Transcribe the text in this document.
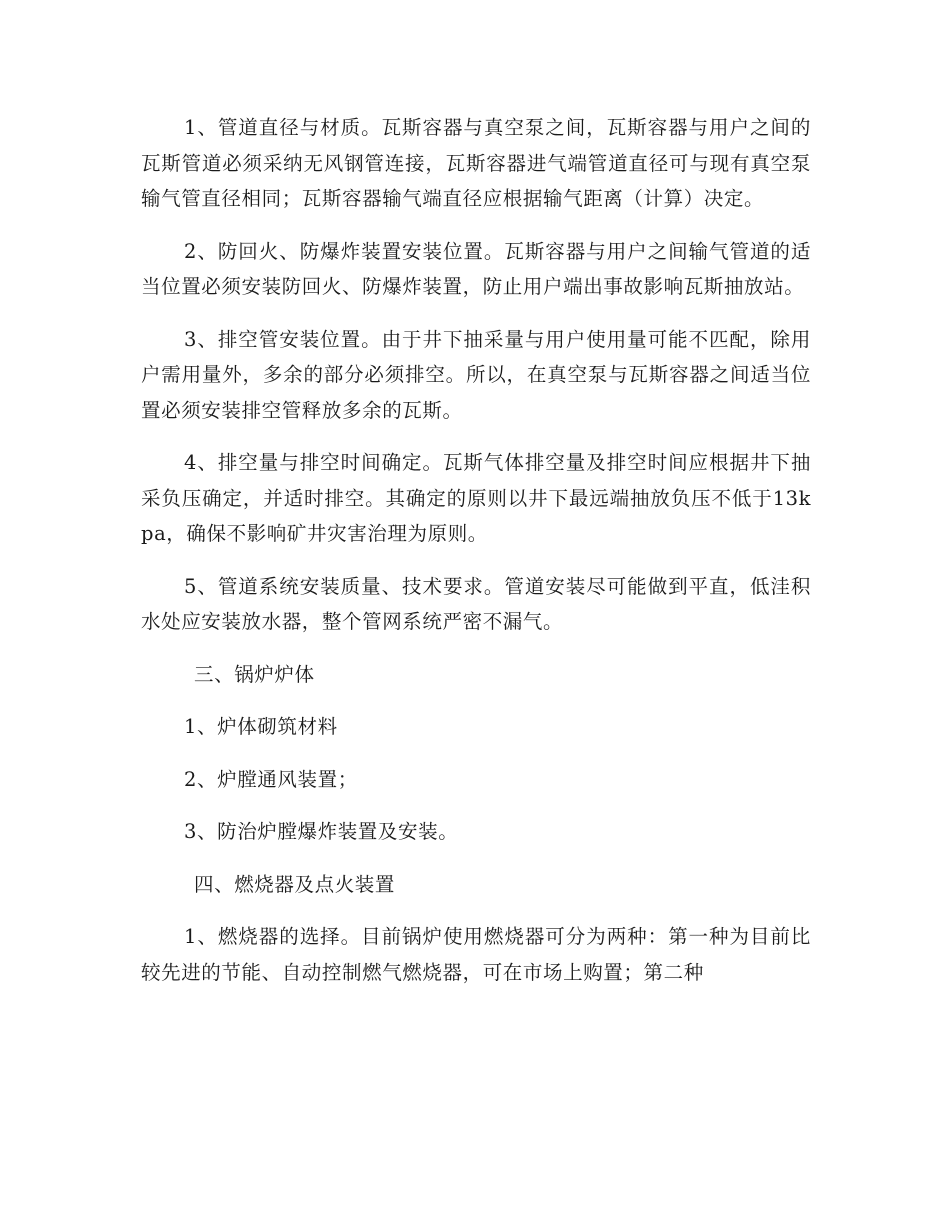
1、管道直径与材质。瓦斯容器与真空泵之间，瓦斯容器与用户之间的瓦斯管道必须采纳无风钢管连接，瓦斯容器进气端管道直径可与现有真空泵输气管直径相同；瓦斯容器输气端直径应根据输气距离（计算）决定。

2、防回火、防爆炸装置安装位置。瓦斯容器与用户之间输气管道的适当位置必须安装防回火、防爆炸装置，防止用户端出事故影响瓦斯抽放站。

3、排空管安装位置。由于井下抽采量与用户使用量可能不匹配，除用户需用量外，多余的部分必须排空。所以，在真空泵与瓦斯容器之间适当位置必须安装排空管释放多余的瓦斯。

4、排空量与排空时间确定。瓦斯气体排空量及排空时间应根据井下抽采负压确定，并适时排空。其确定的原则以井下最远端抽放负压不低于13kpa，确保不影响矿井灾害治理为原则。

5、管道系统安装质量、技术要求。管道安装尽可能做到平直，低洼积水处应安装放水器，整个管网系统严密不漏气。

三、锅炉炉体

1、炉体砌筑材料

2、炉膛通风装置；

3、防治炉膛爆炸装置及安装。

四、燃烧器及点火装置

1、燃烧器的选择。目前锅炉使用燃烧器可分为两种：第一种为目前比较先进的节能、自动控制燃气燃烧器，可在市场上购置；第二种
